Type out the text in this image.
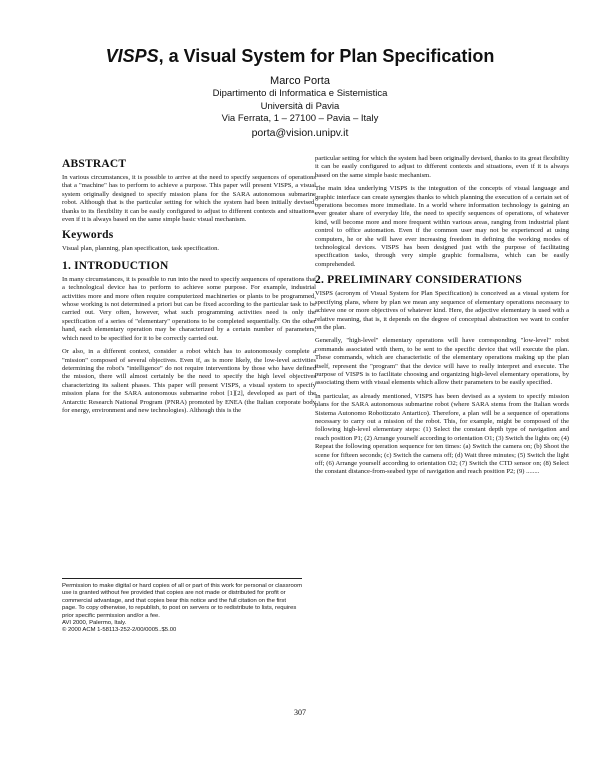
VISPS, a Visual System for Plan Specification
Marco Porta
Dipartimento di Informatica e Sistemistica
Università di Pavia
Via Ferrata, 1 – 27100 – Pavia – Italy
porta@vision.unipv.it
ABSTRACT

In various circumstances, it is possible to arrive at the need to specify sequences of operations that a "machine" has to perform to achieve a purpose. This paper will present VISPS, a visual system originally designed to specify mission plans for the SARA autonomous submarine robot. Although that is the particular setting for which the system had been initially devised, thanks to its flexibility it can be easily configured to adjust to different contexts and situations, even if it is always based on the same simple basic visual mechanism.

Keywords

Visual plan, planning, plan specification, task specification.

1. INTRODUCTION

In many circumstances, it is possible to run into the need to specify sequences of operations that a technological device has to perform to achieve some purpose. For example, industrial activities more and more often require computerized machineries or plants to be programmed, whose working is not determined a priori but can be fixed according to the particular task to be carried out. Very often, however, what such programming activities need is only the specification of a series of "elementary" operations to be completed sequentially. On the other hand, each elementary operation may be characterized by a certain number of parameters, which need to be specified for it to be correctly carried out.

Or also, in a different context, consider a robot which has to autonomously complete a "mission" composed of several objectives. Even if, as is more likely, the low-level activities determining the robot's "intelligence" do not require interventions by those who have defined the mission, there will almost certainly be the need to specify the high level objectives characterizing its salient phases. This paper will present VISPS, a visual system to specify mission plans for the SARA autonomous submarine robot [1][2], developed as part of the Antarctic Research National Program (PNRA) promoted by ENEA (the Italian corporate body for energy, environment and new technologies). Although this is the

particular setting for which the system had been originally devised, thanks to its great flexibility it can be easily configured to adjust to different contexts and situations, even if it is always based on the same simple basic mechanism.

The main idea underlying VISPS is the integration of the concepts of visual language and graphic interface can create synergies thanks to which planning the execution of a certain set of operations becomes more immediate. In a world where information technology is gaining an ever greater share of everyday life, the need to specify sequences of operations, of whatever kind, will become more and more frequent within various areas, ranging from industrial plant control to office automation. Even if the common user may not be experienced at using computers, he or she will have ever increasing freedom in defining the working modes of technological devices. VISPS has been designed just with the purpose of facilitating specification tasks, through very simple graphic formalisms, which can be easily comprehended.

2. PRELIMINARY CONSIDERATIONS

VISPS (acronym of Visual System for Plan Specification) is conceived as a visual system for specifying plans, where by plan we mean any sequence of elementary operations necessary to achieve one or more objectives of whatever kind. Here, the adjective elementary is used with a relative meaning, that is, it depends on the degree of conceptual abstraction we want to confer on the plan.

Generally, "high-level" elementary operations will have corresponding "low-level" robot commands associated with them, to be sent to the specific device that will execute the plan. These commands, which are characteristic of the elementary operations making up the plan itself, represent the "program" that the device will have to really interpret and execute. The purpose of VISPS is to facilitate choosing and organizing high-level elementary operations, by associating them with visual elements which allow their parameters to be easily specified.

In particular, as already mentioned, VISPS has been devised as a system to specify mission plans for the SARA autonomous submarine robot (where SARA stems from the Italian words Sistema Autonomo Robotizzato Antartico). Therefore, a plan will be a sequence of operations necessary to carry out a mission of the robot. This, for example, might be composed of the following high-level elementary steps: (1) Select the constant depth type of navigation and reach position P1; (2) Arrange yourself according to orientation O1; (3) Switch the lights on; (4) Repeat the following operation sequence for ten times: (a) Switch the camera on; (b) Shoot the scene for fifteen seconds; (c) Switch the camera off; (d) Wait three minutes; (5) Switch the light off; (6) Arrange yourself according to orientation O2; (7) Switch the CTD sensor on; (8) Select the constant distance-from-seabed type of navigation and reach position P2; (9) ........

Permission to make digital or hard copies of all or part of this work for personal or classroom use is granted without fee provided that copies are not made or distributed for profit or commercial advantage, and that copies bear this notice and the full citation on the first page. To copy otherwise, to republish, to post on servers or to redistribute to lists, requires prior specific permission and/or a fee.
AVI 2000, Palermo, Italy.
© 2000 ACM 1-58113-252-2/00/0005..$5.00
307
